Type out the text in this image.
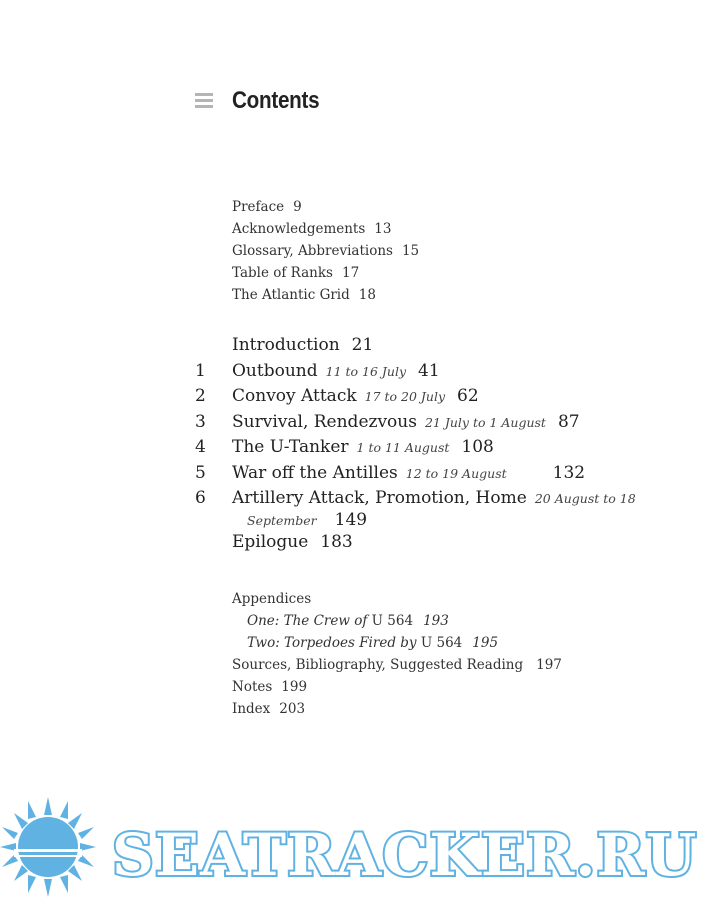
Contents
Preface 9
Acknowledgements 13
Glossary, Abbreviations 15
Table of Ranks 17
The Atlantic Grid 18
Introduction 21
1	Outbound 11 to 16 July 41
2	Convoy Attack 17 to 20 July 62
3	Survival, Rendezvous 21 July to 1 August 87
4	The U-Tanker 1 to 11 August 108
5	War off the Antilles 12 to 19 August	132
6	Artillery Attack, Promotion, Home 20 August to 18
September 149
Epilogue 183
Appendices
One: The Crew of U 564 193
Two: Torpedoes Fired by U 564 195
Sources, Bibliography, Suggested Reading 197
Notes 199
Index 203
SEATRACKER.RU
